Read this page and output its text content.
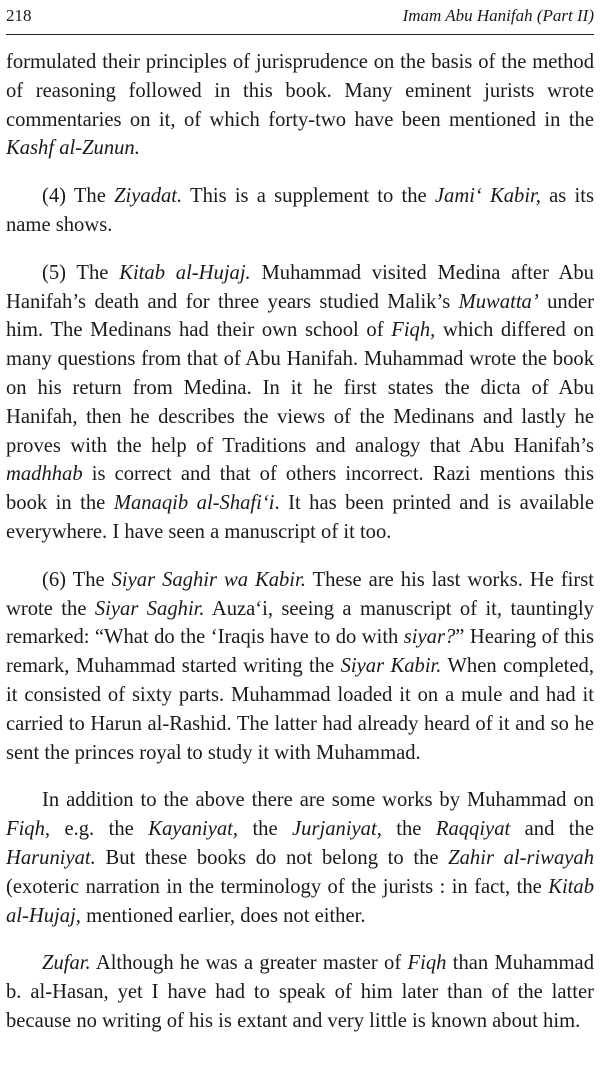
218	Imam Abu Hanifah (Part II)

formulated their principles of jurisprudence on the basis of the method of reasoning followed in this book. Many eminent jurists wrote commentaries on it, of which forty-two have been mentioned in the Kashf al-Zunun.

(4) The Ziyadat. This is a supplement to the Jami‘ Kabir, as its name shows.

(5) The Kitab al-Hujaj. Muhammad visited Medina after Abu Hanifah’s death and for three years studied Malik’s Muwatta’ under him. The Medinans had their own school of Fiqh, which differed on many questions from that of Abu Hanifah. Muhammad wrote the book on his return from Medina. In it he first states the dicta of Abu Hanifah, then he describes the views of the Medinans and lastly he proves with the help of Traditions and analogy that Abu Hanifah’s madhhab is correct and that of others incorrect. Razi mentions this book in the Manaqib al-Shafi‘i. It has been printed and is available everywhere. I have seen a manuscript of it too.

(6) The Siyar Saghir wa Kabir. These are his last works. He first wrote the Siyar Saghir. Auza‘i, seeing a manuscript of it, tauntingly remarked: “What do the ‘Iraqis have to do with siyar?” Hearing of this remark, Muhammad started writing the Siyar Kabir. When completed, it consisted of sixty parts. Muhammad loaded it on a mule and had it carried to Harun al-Rashid. The latter had already heard of it and so he sent the princes royal to study it with Muhammad.

In addition to the above there are some works by Muhammad on Fiqh, e.g. the Kayaniyat, the Jurjaniyat, the Raqqiyat and the Haruniyat. But these books do not belong to the Zahir al-riwayah (exoteric narration in the terminology of the jurists : in fact, the Kitab al-Hujaj, mentioned earlier, does not either.

Zufar. Although he was a greater master of Fiqh than Muhammad b. al-Hasan, yet I have had to speak of him later than of the latter because no writing of his is extant and very little is known about him.
